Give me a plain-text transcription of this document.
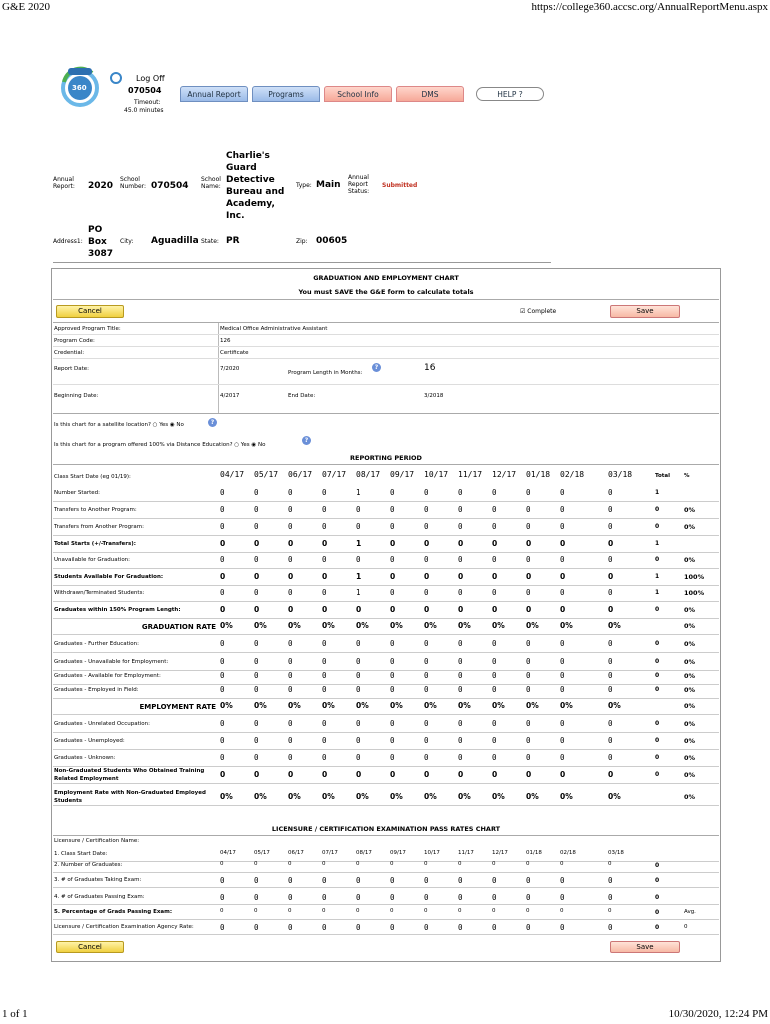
G&E 2020	https://college360.accsc.org/AnnualReportMenu.aspx
1 of 1	10/30/2020, 12:24 PM
360
Log Off
070504
Timeout:
45.0 minutes
Annual Report	Programs	School Info	DMS	HELP ?
Annual Report:	2020
School Number: 070504
School Name:
Charlie's Guard Detective Bureau and Academy, Inc.
Type: Main
Annual Report Status:
Submitted
Address1:
PO Box 3087
City: Aguadilla State: PR	Zip: 00605
GRADUATION AND EMPLOYMENT CHART
You must SAVE the G&E form to calculate totals
Cancel	☑ Complete	Save
Approved Program Title:	Medical Office Administrative Assistant
Program Code:	126
Credential:	Certificate
Report Date:	7/2020
Program Length in Months:
?	16
Beginning Date:	4/2017	End Date:	3/2018
Is this chart for a satellite location? ○ Yes ◉ No	?
Is this chart for a program offered 100% via Distance Education? ○ Yes ◉ No
?
REPORTING PERIOD
Class Start Date (eg 01/19):	04/17 05/17 06/17 07/17 08/17 09/17 10/17 11/17 12/17 01/18 02/18	03/18	Total	%
Number Started:	0	0	0	0	1	0	0	0	0	0	0	0	1
Transfers to Another Program:	0	0	0	0	0	0	0	0	0	0	0	0	0	0%
Transfers from Another Program:	0	0	0	0	0	0	0	0	0	0	0	0	0	0%
Total Starts (+/-Transfers):	0	0	0	0	1	0	0	0	0	0	0	0	1
Unavailable for Graduation:	0	0	0	0	0	0	0	0	0	0	0	0	0	0%
Students Available For Graduation:	0	0	0	0	1	0	0	0	0	0	0	0	1	100%
Withdrawn/Terminated Students:	0	0	0	0	1	0	0	0	0	0	0	0	1	100%
Graduates within 150% Program Length:	0	0	0	0	0	0	0	0	0	0	0	0	0	0%
GRADUATION RATE 0%	0%	0%	0%	0%	0%	0%	0%	0%	0%	0%	0%	0%
Graduates - Further Education:	0	0	0	0	0	0	0	0	0	0	0	0	0	0%
Graduates - Unavailable for Employment:	0	0	0	0	0	0	0	0	0	0	0	0	0	0%
Graduates - Available for Employment:	0	0	0	0	0	0	0	0	0	0	0	0	0	0%
Graduates - Employed in Field:	0	0	0	0	0	0	0	0	0	0	0	0	0	0%
EMPLOYMENT RATE 0%	0%	0%	0%	0%	0%	0%	0%	0%	0%	0%	0%	0%
Graduates - Unrelated Occupation:	0	0	0	0	0	0	0	0	0	0	0	0	0	0%
Graduates - Unemployed:	0	0	0	0	0	0	0	0	0	0	0	0	0	0%
Graduates - Unknown:	0	0	0	0	0	0	0	0	0	0	0	0	0	0%
Non-Graduated Students Who Obtained Training Related Employment	0	0	0	0	0	0	0	0	0	0	0	0	0	0%
Employment Rate with Non-Graduated Employed Students	0%	0%	0%	0%	0%	0%	0%	0%	0%	0%	0%	0%	0%
LICENSURE / CERTIFICATION EXAMINATION PASS RATES CHART
Licensure / Certification Name:
1. Class Start Date:	04/17	05/17	06/17	07/17	08/17	09/17	10/17	11/17	12/17	01/18	02/18	03/18
2. Number of Graduates:	0	0	0	0	0	0	0	0	0	0	0	0	0
3. # of Graduates Taking Exam:	0	0	0	0	0	0	0	0	0	0	0	0	0
4. # of Graduates Passing Exam:	0	0	0	0	0	0	0	0	0	0	0	0	0
5. Percentage of Grads Passing Exam:	0	0	0	0	0	0	0	0	0	0	0	0	0	Avg.
Licensure / Certification Examination Agency Rate:	0	0	0	0	0	0	0	0	0	0	0	0	0	0
Cancel	Save
